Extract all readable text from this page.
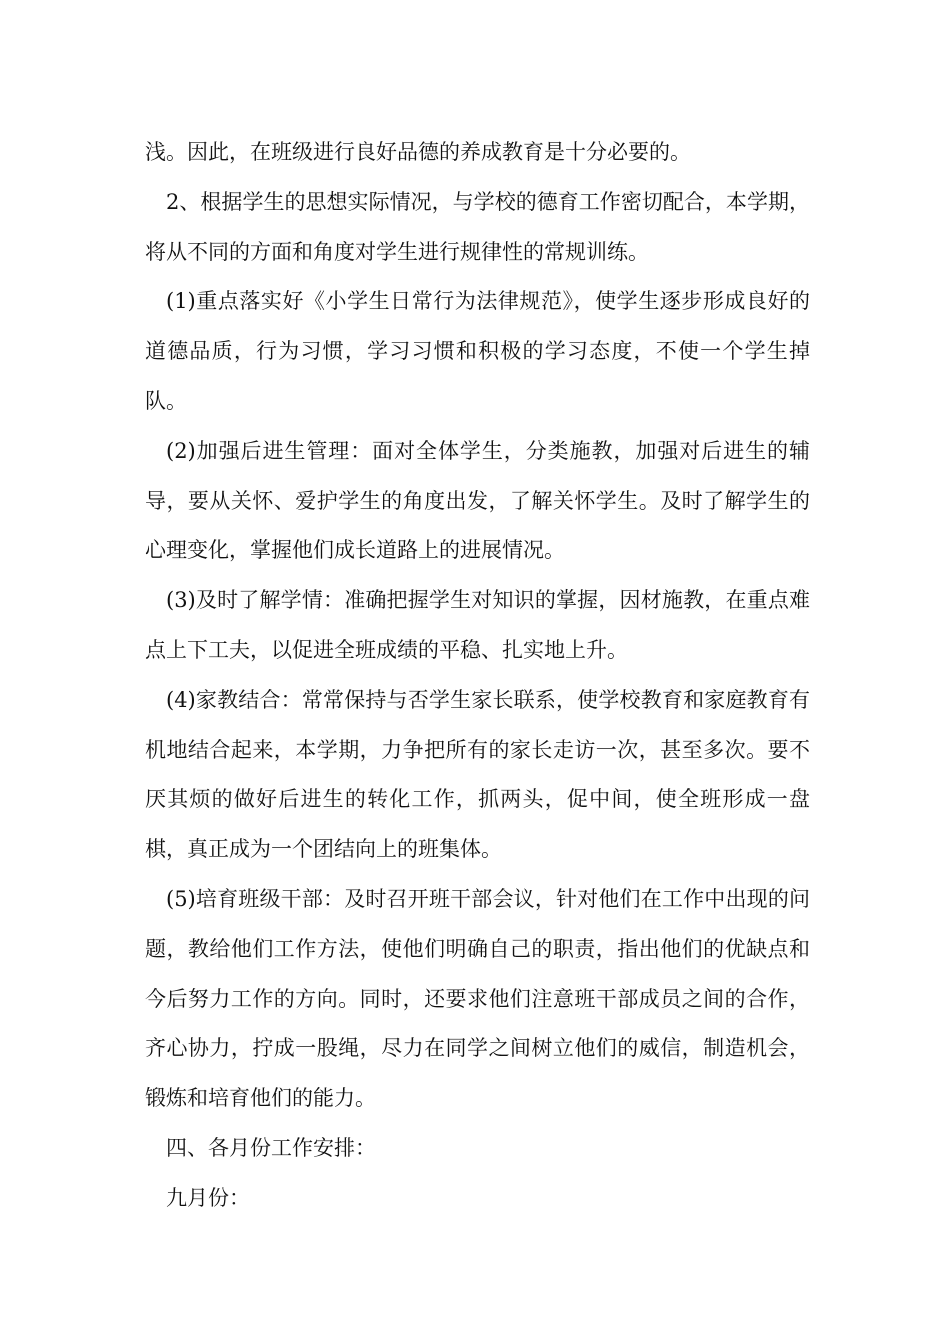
浅。因此，在班级进行良好品德的养成教育是十分必要的。

2、根据学生的思想实际情况，与学校的德育工作密切配合，本学期，将从不同的方面和角度对学生进行规律性的常规训练。

(1)重点落实好《小学生日常行为法律规范》，使学生逐步形成良好的道德品质，行为习惯，学习习惯和积极的学习态度，不使一个学生掉队。

(2)加强后进生管理：面对全体学生，分类施教，加强对后进生的辅导，要从关怀、爱护学生的角度出发，了解关怀学生。及时了解学生的心理变化，掌握他们成长道路上的进展情况。

(3)及时了解学情：准确把握学生对知识的掌握，因材施教，在重点难点上下工夫，以促进全班成绩的平稳、扎实地上升。

(4)家教结合：常常保持与否学生家长联系，使学校教育和家庭教育有机地结合起来，本学期，力争把所有的家长走访一次，甚至多次。要不厌其烦的做好后进生的转化工作，抓两头，促中间，使全班形成一盘棋，真正成为一个团结向上的班集体。

(5)培育班级干部：及时召开班干部会议，针对他们在工作中出现的问题，教给他们工作方法，使他们明确自己的职责，指出他们的优缺点和今后努力工作的方向。同时，还要求他们注意班干部成员之间的合作，齐心协力，拧成一股绳，尽力在同学之间树立他们的威信，制造机会，锻炼和培育他们的能力。

四、各月份工作安排：

九月份：
